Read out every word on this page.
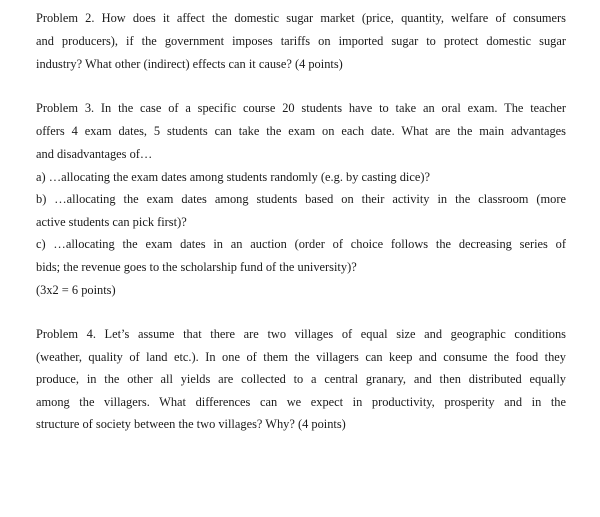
Problem 2. How does it affect the domestic sugar market (price, quantity, welfare of consumers
and producers), if the government imposes tariffs on imported sugar to protect domestic sugar
industry? What other (indirect) effects can it cause? (4 points)
Problem 3. In the case of a specific course 20 students have to take an oral exam. The teacher
offers 4 exam dates, 5 students can take the exam on each date. What are the main advantages
and disadvantages of…
a) …allocating the exam dates among students randomly (e.g. by casting dice)?
b) …allocating the exam dates among students based on their activity in the classroom (more
active students can pick first)?
c) …allocating the exam dates in an auction (order of choice follows the decreasing series of
bids; the revenue goes to the scholarship fund of the university)?
(3x2 = 6 points)
Problem 4. Let’s assume that there are two villages of equal size and geographic conditions
(weather, quality of land etc.). In one of them the villagers can keep and consume the food they
produce, in the other all yields are collected to a central granary, and then distributed equally
among the villagers. What differences can we expect in productivity, prosperity and in the
structure of society between the two villages? Why? (4 points)
